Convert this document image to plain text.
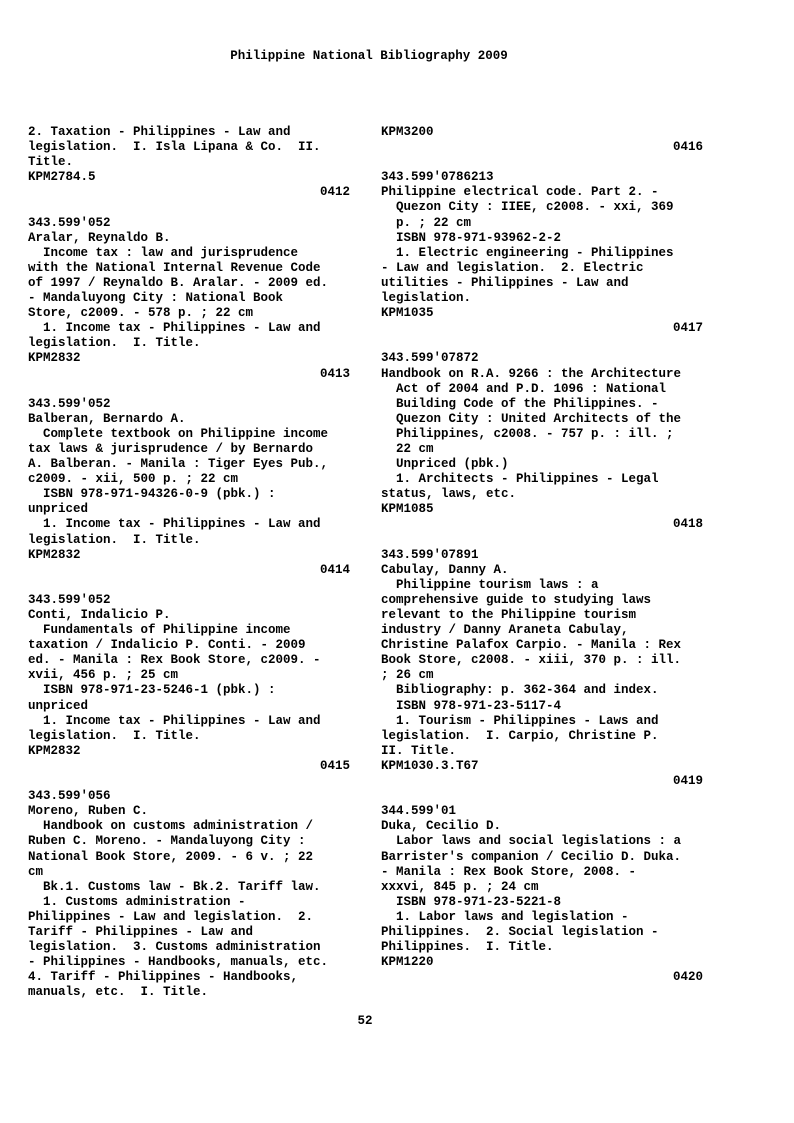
Philippine National Bibliography 2009
2. Taxation - Philippines - Law and
legislation.  I. Isla Lipana & Co.  II.
Title.
KPM2784.5
0412
343.599'052
Aralar, Reynaldo B.
Income tax : law and jurisprudence
with the National Internal Revenue Code
of 1997 / Reynaldo B. Aralar. - 2009 ed.
- Mandaluyong City : National Book
Store, c2009. - 578 p. ; 22 cm
1. Income tax - Philippines - Law and
legislation.  I. Title.
KPM2832
0413
343.599'052
Balberan, Bernardo A.
Complete textbook on Philippine income
tax laws & jurisprudence / by Bernardo
A. Balberan. - Manila : Tiger Eyes Pub.,
c2009. - xii, 500 p. ; 22 cm
ISBN 978-971-94326-0-9 (pbk.) :
unpriced
1. Income tax - Philippines - Law and
legislation.  I. Title.
KPM2832
0414
343.599'052
Conti, Indalicio P.
Fundamentals of Philippine income
taxation / Indalicio P. Conti. - 2009
ed. - Manila : Rex Book Store, c2009. -
xvii, 456 p. ; 25 cm
ISBN 978-971-23-5246-1 (pbk.) :
unpriced
1. Income tax - Philippines - Law and
legislation.  I. Title.
KPM2832
0415
343.599'056
Moreno, Ruben C.
Handbook on customs administration /
Ruben C. Moreno. - Mandaluyong City :
National Book Store, 2009. - 6 v. ; 22
cm
Bk.1. Customs law - Bk.2. Tariff law.
1. Customs administration -
Philippines - Law and legislation.  2.
Tariff - Philippines - Law and
legislation.  3. Customs administration
- Philippines - Handbooks, manuals, etc.
4. Tariff - Philippines - Handbooks,
manuals, etc.  I. Title.
KPM3200
0416
343.599'0786213
Philippine electrical code. Part 2. -
Quezon City : IIEE, c2008. - xxi, 369
p. ; 22 cm
ISBN 978-971-93962-2-2
1. Electric engineering - Philippines
- Law and legislation.  2. Electric
utilities - Philippines - Law and
legislation.
KPM1035
0417
343.599'07872
Handbook on R.A. 9266 : the Architecture
Act of 2004 and P.D. 1096 : National
Building Code of the Philippines. -
Quezon City : United Architects of the
Philippines, c2008. - 757 p. : ill. ;
22 cm
Unpriced (pbk.)
1. Architects - Philippines - Legal
status, laws, etc.
KPM1085
0418
343.599'07891
Cabulay, Danny A.
Philippine tourism laws : a
comprehensive guide to studying laws
relevant to the Philippine tourism
industry / Danny Araneta Cabulay,
Christine Palafox Carpio. - Manila : Rex
Book Store, c2008. - xiii, 370 p. : ill.
; 26 cm
Bibliography: p. 362-364 and index.
ISBN 978-971-23-5117-4
1. Tourism - Philippines - Laws and
legislation.  I. Carpio, Christine P.
II. Title.
KPM1030.3.T67
0419
344.599'01
Duka, Cecilio D.
Labor laws and social legislations : a
Barrister's companion / Cecilio D. Duka.
- Manila : Rex Book Store, 2008. -
xxxvi, 845 p. ; 24 cm
ISBN 978-971-23-5221-8
1. Labor laws and legislation -
Philippines.  2. Social legislation -
Philippines.  I. Title.
KPM1220
0420
52
